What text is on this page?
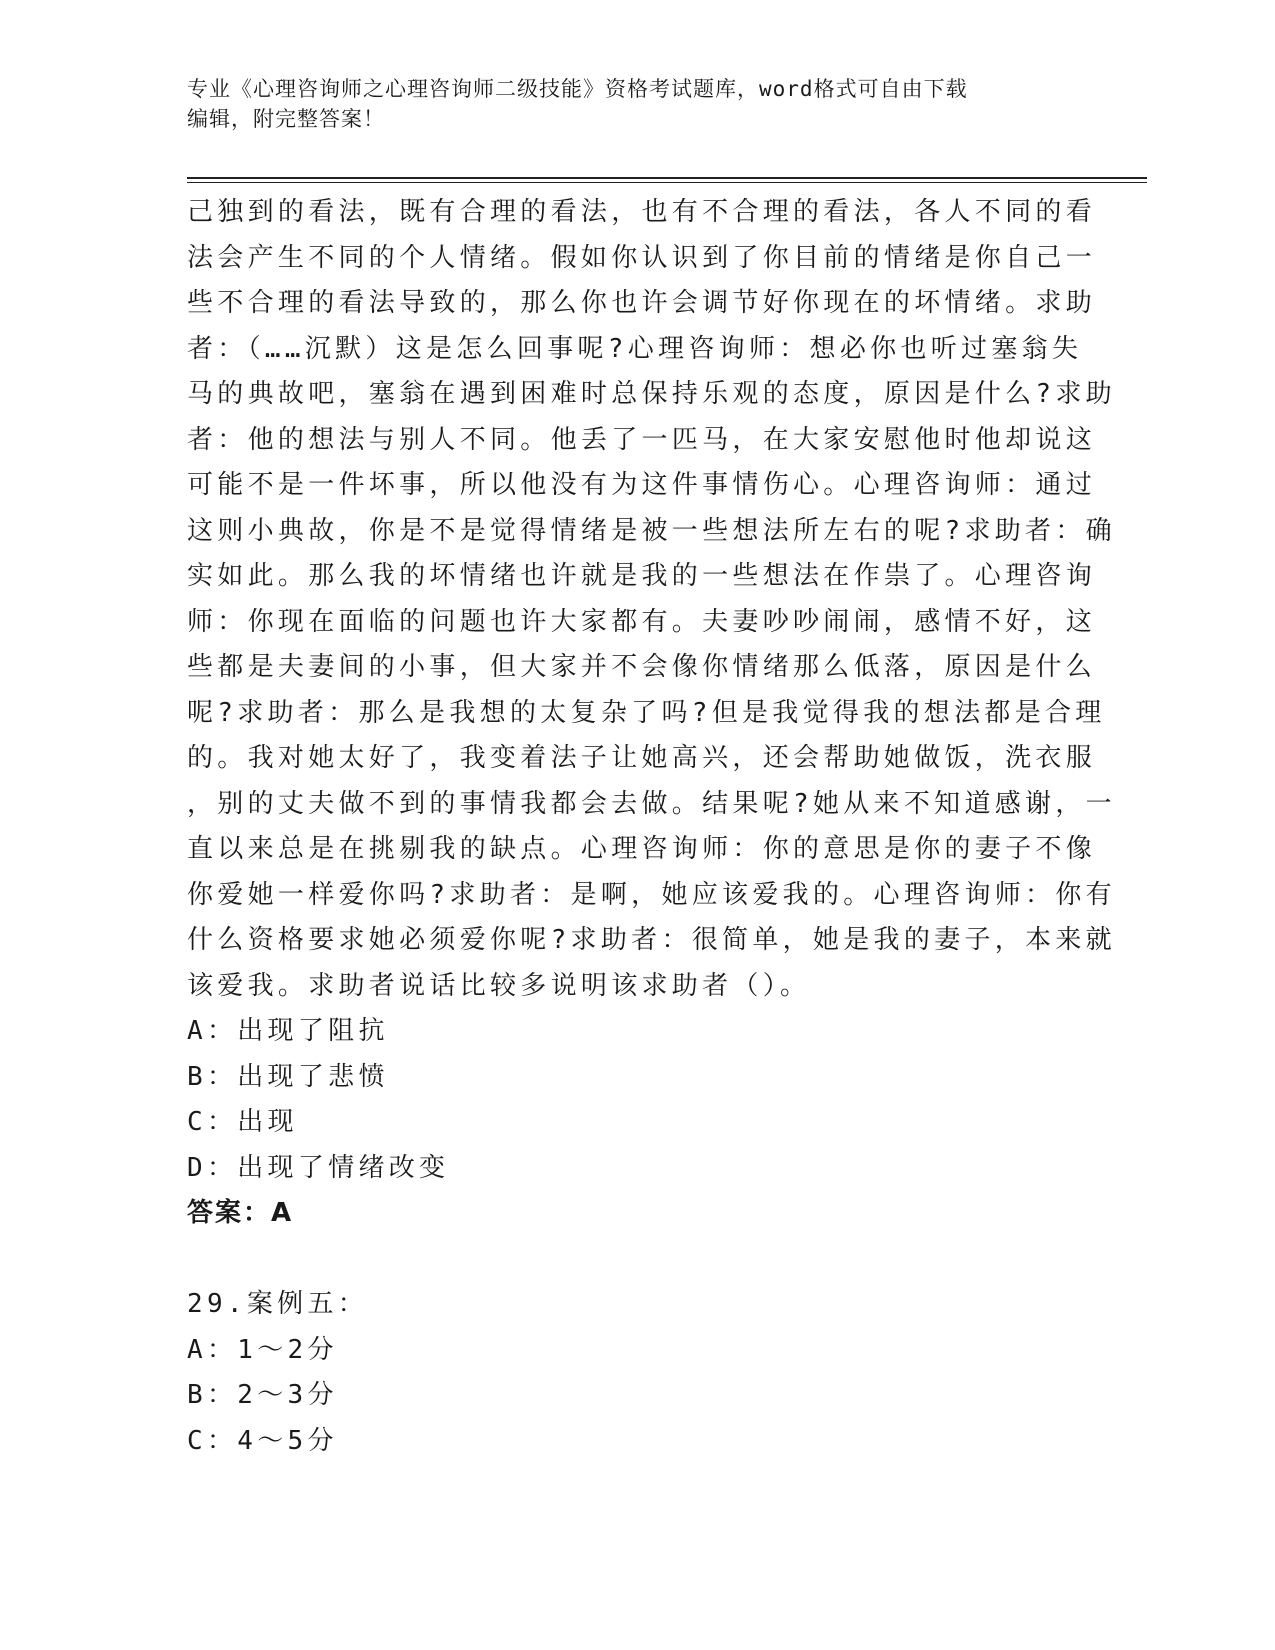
专业《心理咨询师之心理咨询师二级技能》资格考试题库，word格式可自由下载
编辑，附完整答案！
己独到的看法，既有合理的看法，也有不合理的看法，各人不同的看
法会产生不同的个人情绪。假如你认识到了你目前的情绪是你自己一
些不合理的看法导致的，那么你也许会调节好你现在的坏情绪。求助
者：（……沉默）这是怎么回事呢?心理咨询师：想必你也听过塞翁失
马的典故吧，塞翁在遇到困难时总保持乐观的态度，原因是什么?求助
者：他的想法与别人不同。他丢了一匹马，在大家安慰他时他却说这
可能不是一件坏事，所以他没有为这件事情伤心。心理咨询师：通过
这则小典故，你是不是觉得情绪是被一些想法所左右的呢?求助者：确
实如此。那么我的坏情绪也许就是我的一些想法在作祟了。心理咨询
师：你现在面临的问题也许大家都有。夫妻吵吵闹闹，感情不好，这
些都是夫妻间的小事，但大家并不会像你情绪那么低落，原因是什么
呢?求助者：那么是我想的太复杂了吗?但是我觉得我的想法都是合理
的。我对她太好了，我变着法子让她高兴，还会帮助她做饭，洗衣服
，别的丈夫做不到的事情我都会去做。结果呢?她从来不知道感谢，一
直以来总是在挑剔我的缺点。心理咨询师：你的意思是你的妻子不像
你爱她一样爱你吗?求助者：是啊，她应该爱我的。心理咨询师：你有
什么资格要求她必须爱你呢?求助者：很简单，她是我的妻子，本来就
该爱我。求助者说话比较多说明该求助者（）。
A：出现了阻抗
B：出现了悲愤
C：出现
D：出现了情绪改变
答案：A
29.案例五：
A：1～2分
B：2～3分
C：4～5分
